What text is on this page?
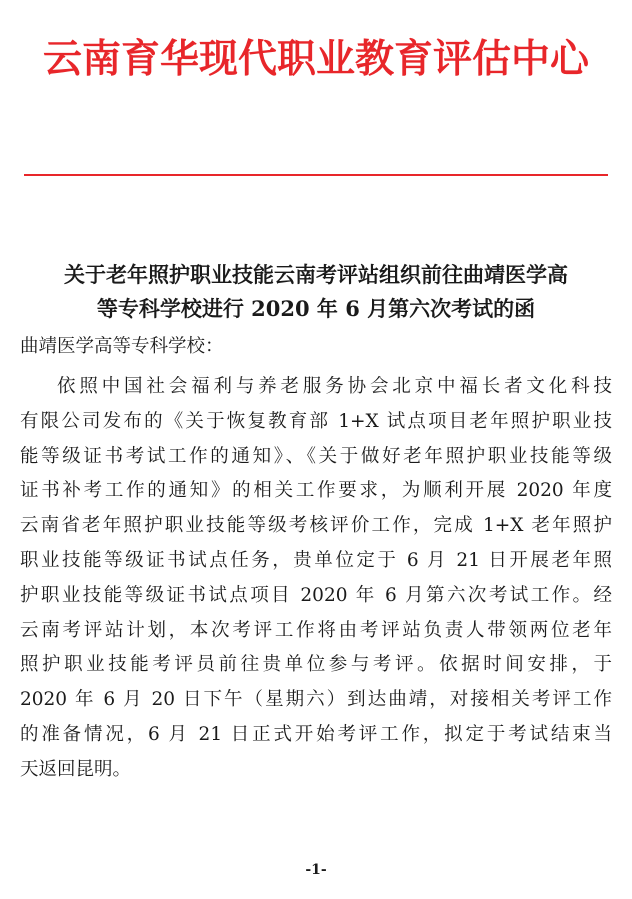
云南育华现代职业教育评估中心
关于老年照护职业技能云南考评站组织前往曲靖医学高
等专科学校进行 2020 年 6 月第六次考试的函
曲靖医学高等专科学校：
依照中国社会福利与养老服务协会北京中福长者文化科技
有限公司发布的《关于恢复教育部 1+X 试点项目老年照护职业技
能等级证书考试工作的通知》、《关于做好老年照护职业技能等级
证书补考工作的通知》的相关工作要求，为顺利开展 2020 年度
云南省老年照护职业技能等级考核评价工作，完成 1+X 老年照护
职业技能等级证书试点任务，贵单位定于 6 月 21 日开展老年照
护职业技能等级证书试点项目 2020 年 6 月第六次考试工作。经
云南考评站计划，本次考评工作将由考评站负责人带领两位老年
照护职业技能考评员前往贵单位参与考评。依据时间安排，于
2020 年 6 月 20 日下午（星期六）到达曲靖，对接相关考评工作
的准备情况，6 月 21 日正式开始考评工作，拟定于考试结束当
天返回昆明。
-1-
